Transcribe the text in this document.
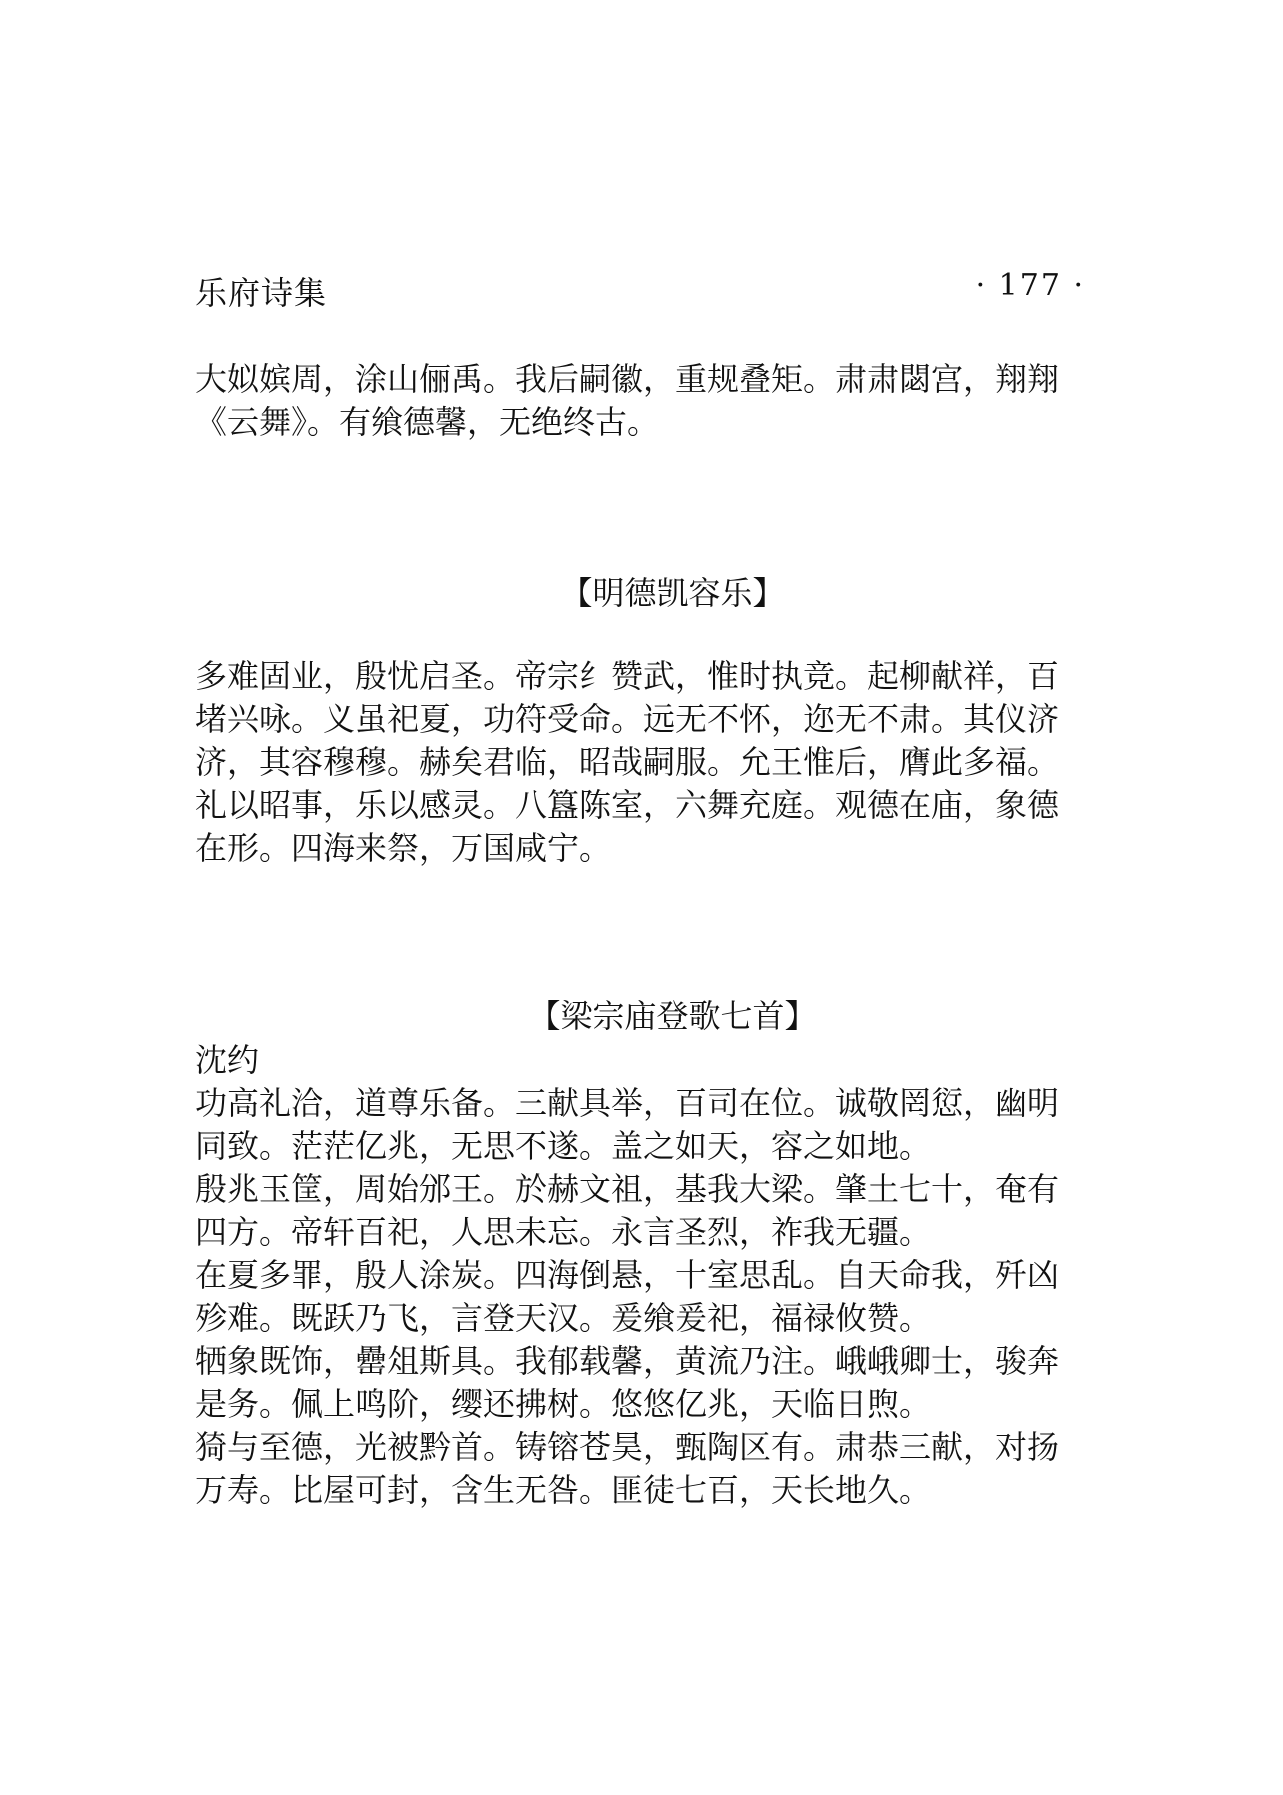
乐府诗集	· 177 ·
大姒嫔周，涂山俪禹。我后嗣徽，重规叠矩。肃肃閟宫，翔翔
《云舞》。有飨德馨，无绝终古。
【明德凯容乐】
多难固业，殷忧启圣。帝宗纟赞武，惟时执竞。起柳献祥，百
堵兴咏。义虽祀夏，功符受命。远无不怀，迩无不肃。其仪济
济，其容穆穆。赫矣君临，昭哉嗣服。允王惟后，膺此多福。
礼以昭事，乐以感灵。八簋陈室，六舞充庭。观德在庙，象德
在形。四海来祭，万国咸宁。
【梁宗庙登歌七首】
沈约
功高礼洽，道尊乐备。三献具举，百司在位。诚敬罔愆，幽明
同致。茫茫亿兆，无思不遂。盖之如天，容之如地。
殷兆玉筐，周始邠王。於赫文祖，基我大梁。肇土七十，奄有
四方。帝轩百祀，人思未忘。永言圣烈，祚我无疆。
在夏多罪，殷人涂炭。四海倒悬，十室思乱。自天命我，歼凶
殄难。既跃乃飞，言登天汉。爰飨爰祀，福禄攸赞。
牺象既饰，罍俎斯具。我郁载馨，黄流乃注。峨峨卿士，骏奔
是务。佩上鸣阶，缨还拂树。悠悠亿兆，天临日煦。
猗与至德，光被黔首。铸镕苍昊，甄陶区有。肃恭三献，对扬
万寿。比屋可封，含生无咎。匪徒七百，天长地久。
